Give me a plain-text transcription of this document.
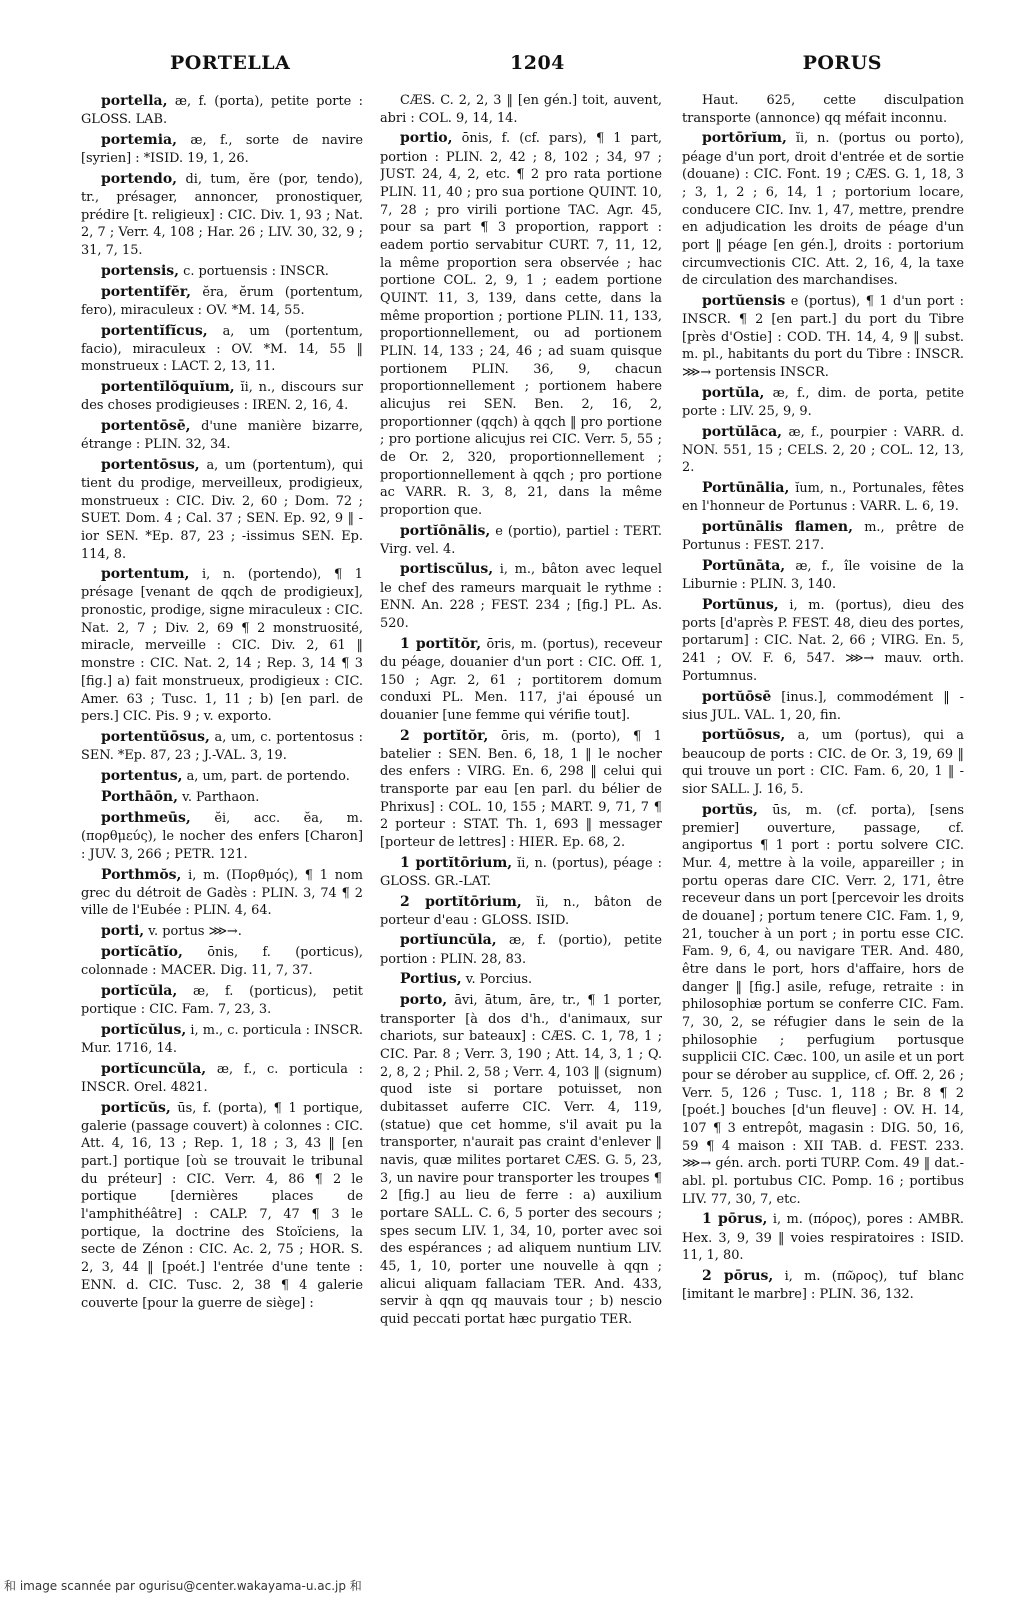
PORTELLA	1204	PORUS

portella, æ, f. (porta), petite porte : GLOSS. LAB.

portemia, æ, f., sorte de navire [syrien] : *ISID. 19, 1, 26.

portendo, di, tum, ĕre (por, tendo), tr., présager, annoncer, pronostiquer, prédire [t. religieux] : CIC. Div. 1, 93 ; Nat. 2, 7 ; Verr. 4, 108 ; Har. 26 ; LIV. 30, 32, 9 ; 31, 7, 15.

portensis, c. portuensis : INSCR.

portentĭfĕr, ĕra, ĕrum (portentum, fero), miraculeux : OV. *M. 14, 55.

portentĭfĭcus, a, um (portentum, facio), miraculeux : OV. *M. 14, 55 ‖ monstrueux : LACT. 2, 13, 11.

portentĭlŏquĭum, ĭi, n., discours sur des choses prodigieuses : IREN. 2, 16, 4.

portentōsē, d'une manière bizarre, étrange : PLIN. 32, 34.

portentōsus, a, um (portentum), qui tient du prodige, merveilleux, prodigieux, monstrueux : CIC. Div. 2, 60 ; Dom. 72 ; SUET. Dom. 4 ; Cal. 37 ; SEN. Ep. 92, 9 ‖ -ior SEN. *Ep. 87, 23 ; -issimus SEN. Ep. 114, 8.

portentum, i, n. (portendo), ¶ 1 présage [venant de qqch de prodigieux], pronostic, prodige, signe miraculeux : CIC. Nat. 2, 7 ; Div. 2, 69 ¶ 2 monstruosité, miracle, merveille : CIC. Div. 2, 61 ‖ monstre : CIC. Nat. 2, 14 ; Rep. 3, 14 ¶ 3 [fig.] a) fait monstrueux, prodigieux : CIC. Amer. 63 ; Tusc. 1, 11 ; b) [en parl. de pers.] CIC. Pis. 9 ; v. exporto.

portentŭōsus, a, um, c. portentosus : SEN. *Ep. 87, 23 ; J.-VAL. 3, 19.

portentus, a, um, part. de portendo.

Porthāōn, v. Parthaon.

porthmeūs, ĕi, acc. ĕa, m. (πορθμεύς), le nocher des enfers [Charon] : JUV. 3, 266 ; PETR. 121.

Porthmŏs, i, m. (Πορθμός), ¶ 1 nom grec du détroit de Gadès : PLIN. 3, 74 ¶ 2 ville de l'Eubée : PLIN. 4, 64.

porti, v. portus ⋙→.

portĭcātĭo, ōnis, f. (porticus), colonnade : MACER. Dig. 11, 7, 37.

portĭcŭla, æ, f. (porticus), petit portique : CIC. Fam. 7, 23, 3.

portĭcŭlus, i, m., c. porticula : INSCR. Mur. 1716, 14.

portĭcuncŭla, æ, f., c. porticula : INSCR. Orel. 4821.

portĭcŭs, ūs, f. (porta), ¶ 1 portique, galerie (passage couvert) à colonnes : CIC. Att. 4, 16, 13 ; Rep. 1, 18 ; 3, 43 ‖ [en part.] portique [où se trouvait le tribunal du préteur] : CIC. Verr. 4, 86 ¶ 2 le portique [dernières places de l'amphithéâtre] : CALP. 7, 47 ¶ 3 le portique, la doctrine des Stoïciens, la secte de Zénon : CIC. Ac. 2, 75 ; HOR. S. 2, 3, 44 ‖ [poét.] l'entrée d'une tente : ENN. d. CIC. Tusc. 2, 38 ¶ 4 galerie couverte [pour la guerre de siège] :

CÆS. C. 2, 2, 3 ‖ [en gén.] toit, auvent, abri : COL. 9, 14, 14.

portio, ōnis, f. (cf. pars), ¶ 1 part, portion : PLIN. 2, 42 ; 8, 102 ; 34, 97 ; JUST. 24, 4, 2, etc. ¶ 2 pro rata portione PLIN. 11, 40 ; pro sua portione QUINT. 10, 7, 28 ; pro virili portione TAC. Agr. 45, pour sa part ¶ 3 proportion, rapport : eadem portio servabitur CURT. 7, 11, 12, la même proportion sera observée ; hac portione COL. 2, 9, 1 ; eadem portione QUINT. 11, 3, 139, dans cette, dans la même proportion ; portione PLIN. 11, 133, proportionnellement, ou ad portionem PLIN. 14, 133 ; 24, 46 ; ad suam quisque portionem PLIN. 36, 9, chacun proportionnellement ; portionem habere alicujus rei SEN. Ben. 2, 16, 2, proportionner (qqch) à qqch ‖ pro portione ; pro portione alicujus rei CIC. Verr. 5, 55 ; de Or. 2, 320, proportionnellement ; proportionnellement à qqch ; pro portione ac VARR. R. 3, 8, 21, dans la même proportion que.

portĭōnālis, e (portio), partiel : TERT. Virg. vel. 4.

portiscŭlus, i, m., bâton avec lequel le chef des rameurs marquait le rythme : ENN. An. 228 ; FEST. 234 ; [fig.] PL. As. 520.

1 portĭtŏr, ōris, m. (portus), receveur du péage, douanier d'un port : CIC. Off. 1, 150 ; Agr. 2, 61 ; portitorem domum conduxi PL. Men. 117, j'ai épousé un douanier [une femme qui vérifie tout].

2 portĭtŏr, ōris, m. (porto), ¶ 1 batelier : SEN. Ben. 6, 18, 1 ‖ le nocher des enfers : VIRG. En. 6, 298 ‖ celui qui transporte par eau [en parl. du bélier de Phrixus] : COL. 10, 155 ; MART. 9, 71, 7 ¶ 2 porteur : STAT. Th. 1, 693 ‖ messager [porteur de lettres] : HIER. Ep. 68, 2.

1 portĭtōrium, ĭi, n. (portus), péage : GLOSS. GR.-LAT.

2 portĭtōrium, ĭi, n., bâton de porteur d'eau : GLOSS. ISID.

portĭuncŭla, æ, f. (portio), petite portion : PLIN. 28, 83.

Portius, v. Porcius.

porto, āvi, ātum, āre, tr., ¶ 1 porter, transporter [à dos d'h., d'animaux, sur chariots, sur bateaux] : CÆS. C. 1, 78, 1 ; CIC. Par. 8 ; Verr. 3, 190 ; Att. 14, 3, 1 ; Q. 2, 8, 2 ; Phil. 2, 58 ; Verr. 4, 103 ‖ (signum) quod iste si portare potuisset, non dubitasset auferre CIC. Verr. 4, 119, (statue) que cet homme, s'il avait pu la transporter, n'aurait pas craint d'enlever ‖ navis, quæ milites portaret CÆS. G. 5, 23, 3, un navire pour transporter les troupes ¶ 2 [fig.] au lieu de ferre : a) auxilium portare SALL. C. 6, 5 porter des secours ; spes secum LIV. 1, 34, 10, porter avec soi des espérances ; ad aliquem nuntium LIV. 45, 1, 10, porter une nouvelle à qqn ; alicui aliquam fallaciam TER. And. 433, servir à qqn qq mauvais tour ; b) nescio quid peccati portat hæc purgatio TER.

Haut. 625, cette disculpation transporte (annonce) qq méfait inconnu.

portōrĭum, ĭi, n. (portus ou porto), péage d'un port, droit d'entrée et de sortie (douane) : CIC. Font. 19 ; CÆS. G. 1, 18, 3 ; 3, 1, 2 ; 6, 14, 1 ; portorium locare, conducere CIC. Inv. 1, 47, mettre, prendre en adjudication les droits de péage d'un port ‖ péage [en gén.], droits : portorium circumvectionis CIC. Att. 2, 16, 4, la taxe de circulation des marchandises.

portŭensis e (portus), ¶ 1 d'un port : INSCR. ¶ 2 [en part.] du port du Tibre [près d'Ostie] : COD. TH. 14, 4, 9 ‖ subst. m. pl., habitants du port du Tibre : INSCR. ⋙→ portensis INSCR.

portŭla, æ, f., dim. de porta, petite porte : LIV. 25, 9, 9.

portŭlāca, æ, f., pourpier : VARR. d. NON. 551, 15 ; CELS. 2, 20 ; COL. 12, 13, 2.

Portūnālia, ĭum, n., Portunales, fêtes en l'honneur de Portunus : VARR. L. 6, 19.

portūnālis flamen, m., prêtre de Portunus : FEST. 217.

Portūnāta, æ, f., île voisine de la Liburnie : PLIN. 3, 140.

Portūnus, i, m. (portus), dieu des ports [d'après P. FEST. 48, dieu des portes, portarum] : CIC. Nat. 2, 66 ; VIRG. En. 5, 241 ; OV. F. 6, 547. ⋙→ mauv. orth. Portumnus.

portŭōsē [inus.], commodément ‖ -sius JUL. VAL. 1, 20, fin.

portŭōsus, a, um (portus), qui a beaucoup de ports : CIC. de Or. 3, 19, 69 ‖ qui trouve un port : CIC. Fam. 6, 20, 1 ‖ -sior SALL. J. 16, 5.

portŭs, ūs, m. (cf. porta), [sens premier] ouverture, passage, cf. angiportus ¶ 1 port : portu solvere CIC. Mur. 4, mettre à la voile, appareiller ; in portu operas dare CIC. Verr. 2, 171, être receveur dans un port [percevoir les droits de douane] ; portum tenere CIC. Fam. 1, 9, 21, toucher à un port ; in portu esse CIC. Fam. 9, 6, 4, ou navigare TER. And. 480, être dans le port, hors d'affaire, hors de danger ‖ [fig.] asile, refuge, retraite : in philosophiæ portum se conferre CIC. Fam. 7, 30, 2, se réfugier dans le sein de la philosophie ; perfugium portusque supplicii CIC. Cæc. 100, un asile et un port pour se dérober au supplice, cf. Off. 2, 26 ; Verr. 5, 126 ; Tusc. 1, 118 ; Br. 8 ¶ 2 [poét.] bouches [d'un fleuve] : OV. H. 14, 107 ¶ 3 entrepôt, magasin : DIG. 50, 16, 59 ¶ 4 maison : XII TAB. d. FEST. 233. ⋙→ gén. arch. porti TURP. Com. 49 ‖ dat.-abl. pl. portubus CIC. Pomp. 16 ; portibus LIV. 77, 30, 7, etc.

1 pōrus, i, m. (πόρος), pores : AMBR. Hex. 3, 9, 39 ‖ voies respiratoires : ISID. 11, 1, 80.

2 pōrus, i, m. (πῶρος), tuf blanc [imitant le marbre] : PLIN. 36, 132.

和 image scannée par ogurisu@center.wakayama-u.ac.jp 和
